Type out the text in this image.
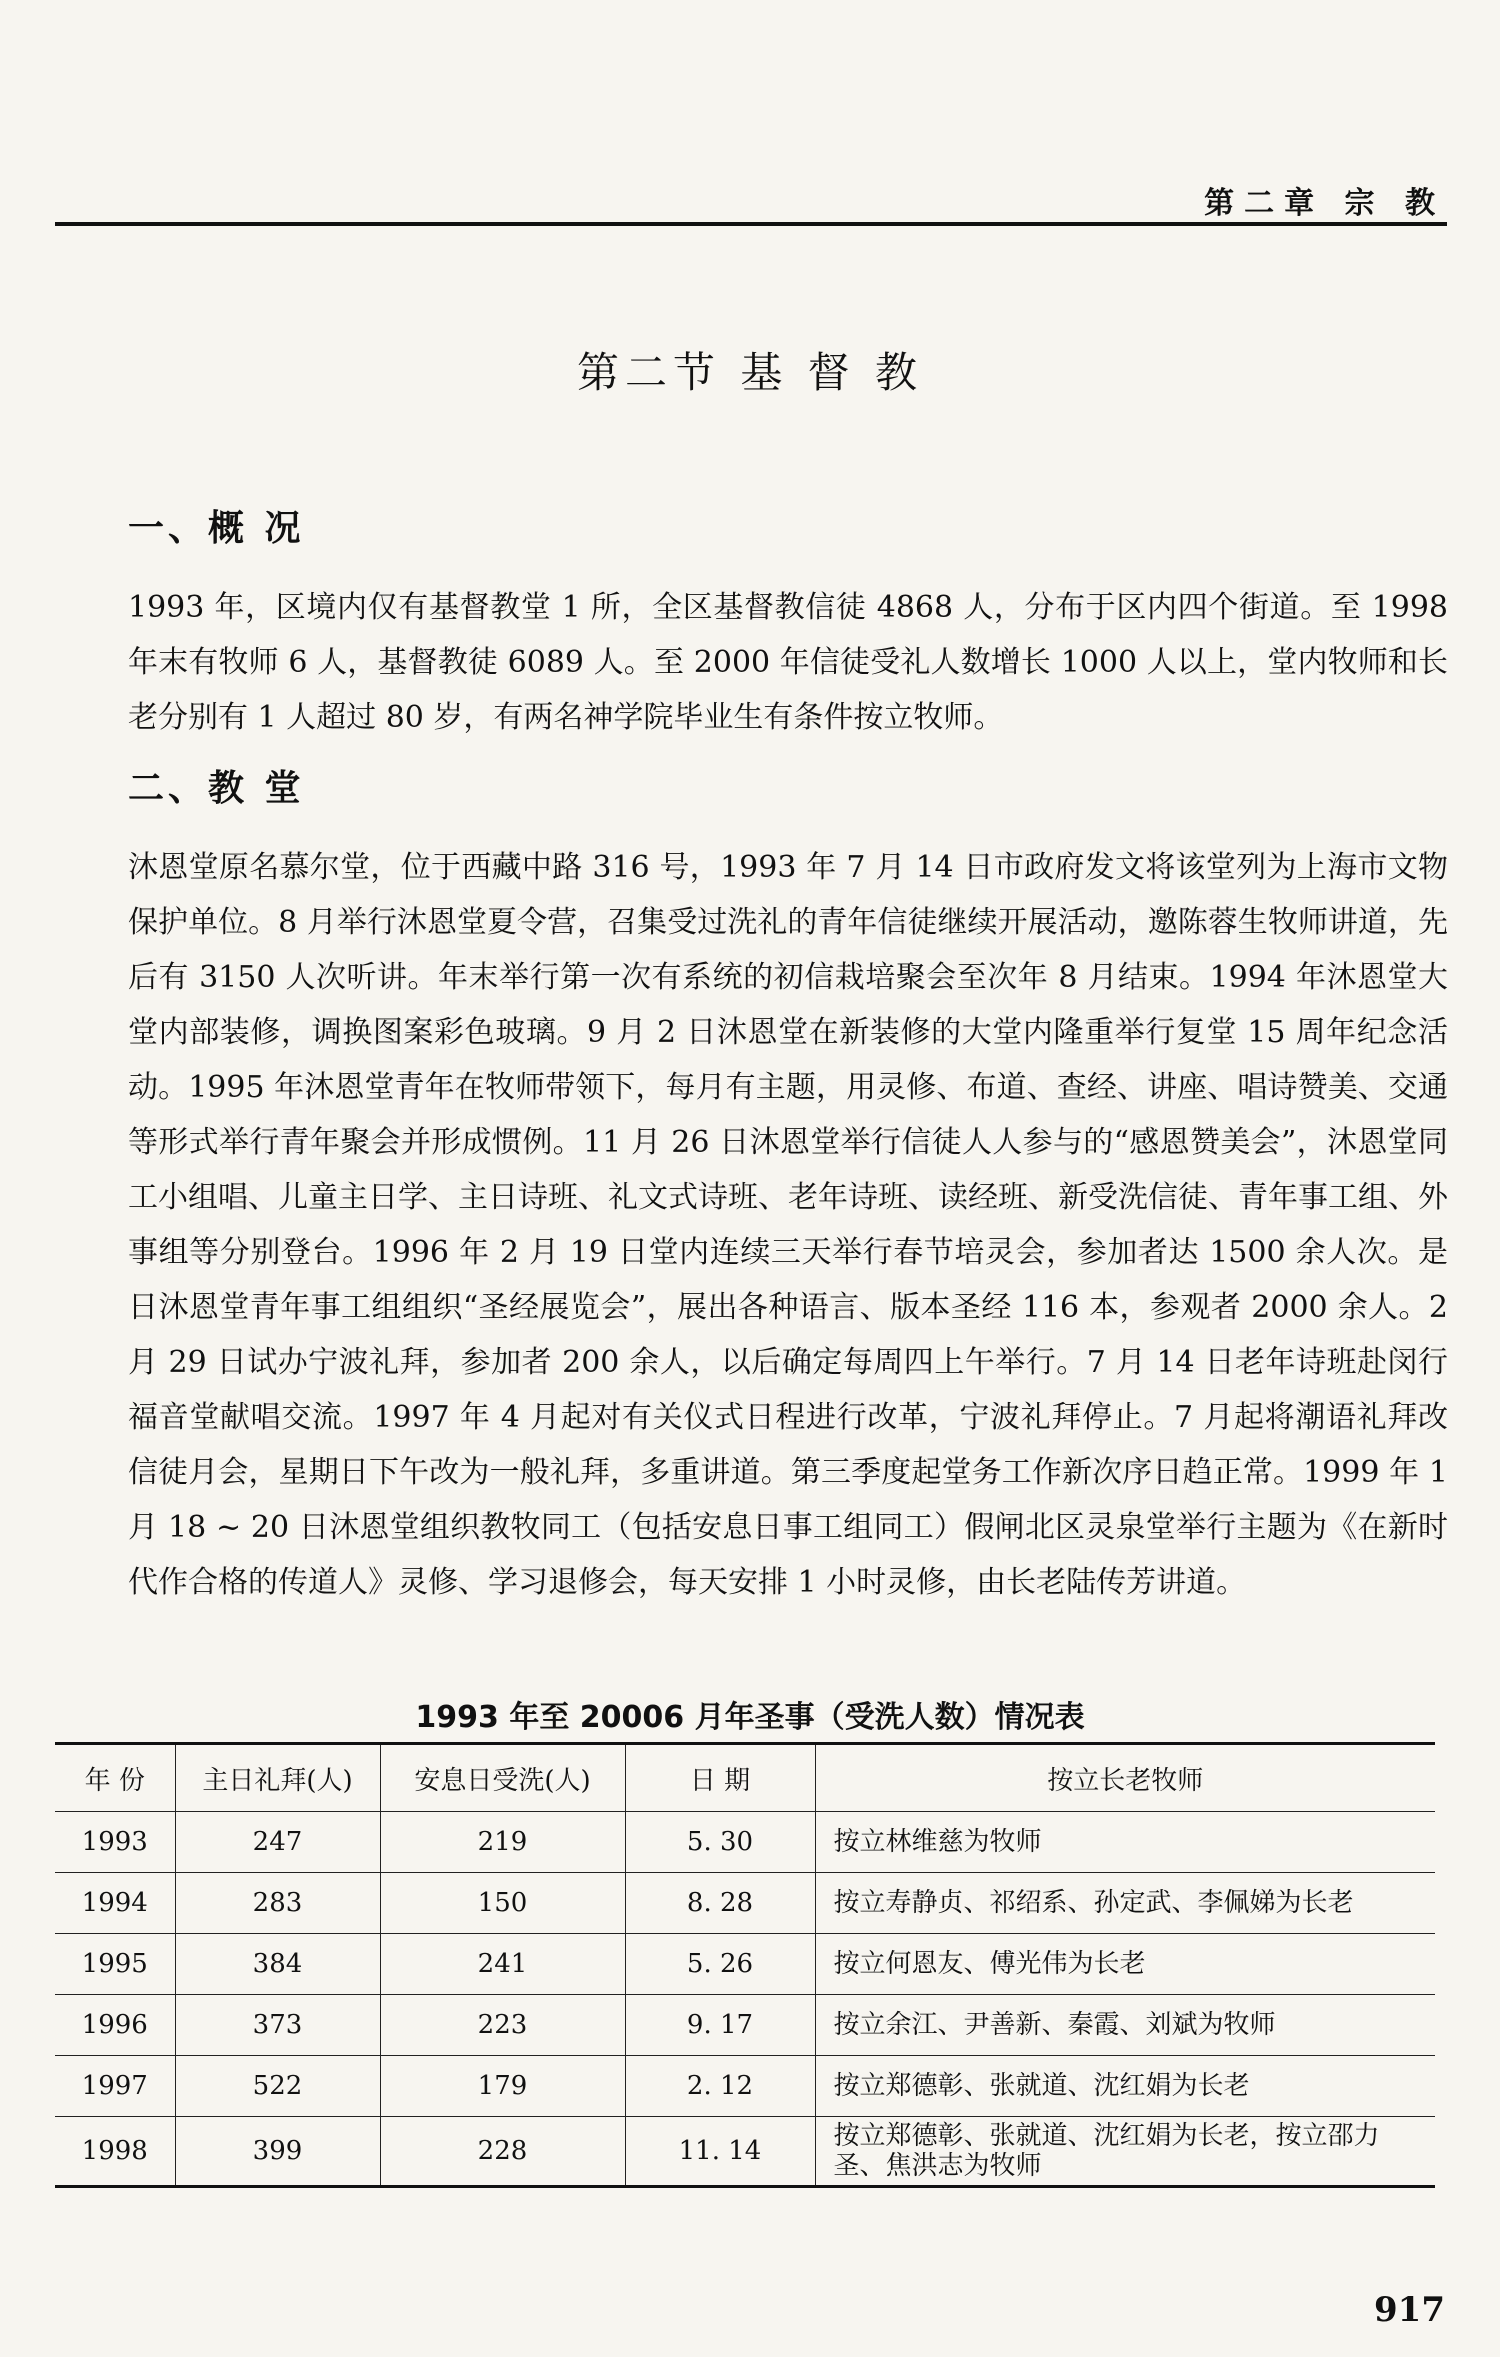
第二章 宗 教
第二节 基 督 教
一、概 况
1993 年，区境内仅有基督教堂 1 所，全区基督教信徒 4868 人，分布于区内四个街道。至 1998 年末有牧师 6 人，基督教徒 6089 人。至 2000 年信徒受礼人数增长 1000 人以上，堂内牧师和长老分别有 1 人超过 80 岁，有两名神学院毕业生有条件按立牧师。
二、教 堂
沐恩堂原名慕尔堂，位于西藏中路 316 号，1993 年 7 月 14 日市政府发文将该堂列为上海市文物保护单位。8 月举行沐恩堂夏令营，召集受过洗礼的青年信徒继续开展活动，邀陈蓉生牧师讲道，先后有 3150 人次听讲。年末举行第一次有系统的初信栽培聚会至次年 8 月结束。1994 年沐恩堂大堂内部装修，调换图案彩色玻璃。9 月 2 日沐恩堂在新装修的大堂内隆重举行复堂 15 周年纪念活动。1995 年沐恩堂青年在牧师带领下，每月有主题，用灵修、布道、查经、讲座、唱诗赞美、交通等形式举行青年聚会并形成惯例。11 月 26 日沐恩堂举行信徒人人参与的“感恩赞美会”，沐恩堂同工小组唱、儿童主日学、主日诗班、礼文式诗班、老年诗班、读经班、新受洗信徒、青年事工组、外事组等分别登台。1996 年 2 月 19 日堂内连续三天举行春节培灵会，参加者达 1500 余人次。是日沐恩堂青年事工组组织“圣经展览会”，展出各种语言、版本圣经 116 本，参观者 2000 余人。2 月 29 日试办宁波礼拜，参加者 200 余人，以后确定每周四上午举行。7 月 14 日老年诗班赴闵行福音堂献唱交流。1997 年 4 月起对有关仪式日程进行改革，宁波礼拜停止。7 月起将潮语礼拜改信徒月会，星期日下午改为一般礼拜，多重讲道。第三季度起堂务工作新次序日趋正常。1999 年 1 月 18 ~ 20 日沐恩堂组织教牧同工（包括安息日事工组同工）假闸北区灵泉堂举行主题为《在新时代作合格的传道人》灵修、学习退修会，每天安排 1 小时灵修，由长老陆传芳讲道。
1993 年至 20006 月年圣事（受洗人数）情况表
年 份	主日礼拜(人)	安息日受洗(人)	日 期	按立长老牧师
1993	247	219	5. 30	按立林维慈为牧师
1994	283	150	8. 28	按立寿静贞、祁绍系、孙定武、李佩娣为长老
1995	384	241	5. 26	按立何恩友、傅光伟为长老
1996	373	223	9. 17	按立余江、尹善新、秦霞、刘斌为牧师
1997	522	179	2. 12	按立郑德彰、张就道、沈红娟为长老
1998	399	228	11. 14	按立郑德彰、张就道、沈红娟为长老，按立邵力圣、焦洪志为牧师
917
